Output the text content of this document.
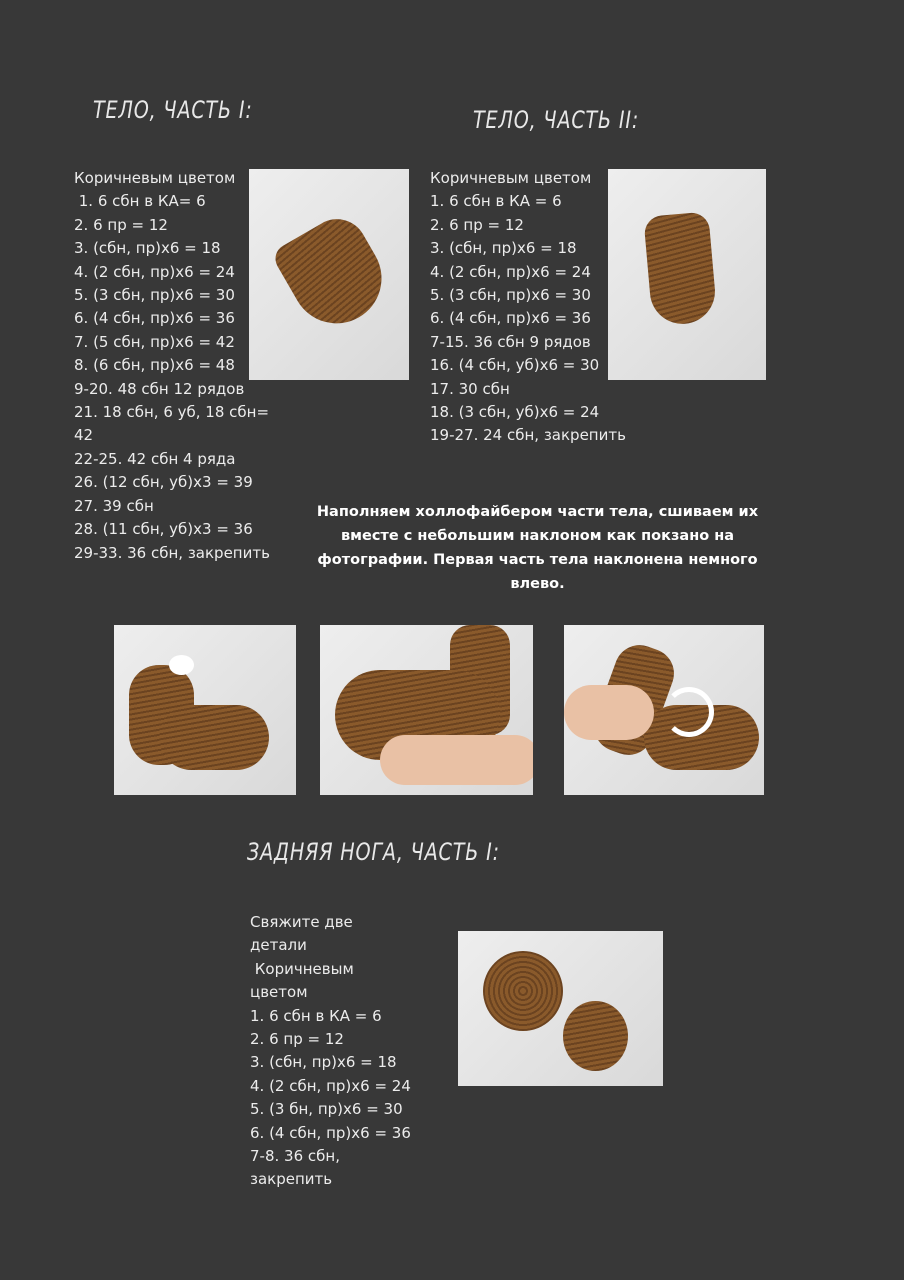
ТЕЛО, ЧАСТЬ I:
Коричневым цветом
1. 6 сбн в КА= 6
2. 6 пр = 12
3. (сбн, пр)х6 = 18
4. (2 сбн, пр)х6 = 24
5. (3 сбн, пр)х6 = 30
6. (4 сбн, пр)х6 = 36
7. (5 сбн, пр)х6 = 42
8. (6 сбн, пр)х6 = 48
9-20. 48 сбн 12 рядов
21. 18 сбн, 6 уб, 18 сбн=
42
22-25. 42 сбн 4 ряда
26. (12 сбн, уб)х3 = 39
27. 39 сбн
28. (11 сбн, уб)х3 = 36
29-33. 36 сбн, закрепить
ТЕЛО, ЧАСТЬ II:
Коричневым цветом
1. 6 сбн в КА = 6
2. 6 пр = 12
3. (сбн, пр)х6 = 18
4. (2 сбн, пр)х6 = 24
5. (3 сбн, пр)х6 = 30
6. (4 сбн, пр)х6 = 36
7-15. 36 сбн 9 рядов
16. (4 сбн, уб)х6 = 30
17. 30 сбн
18. (3 сбн, уб)х6 = 24
19-27. 24 сбн, закрепить
Наполняем холлофайбером части тела, сшиваем их вместе с небольшим наклоном как покзано на фотографии. Первая часть тела наклонена немного влево.
ЗАДНЯЯ НОГА, ЧАСТЬ I:
Свяжите две
детали
Коричневым
цветом
1. 6 сбн в КА = 6
2. 6 пр = 12
3. (сбн, пр)х6 = 18
4. (2 сбн, пр)х6 = 24
5. (3 бн, пр)х6 = 30
6. (4 сбн, пр)х6 = 36
7-8. 36 сбн,
закрепить
